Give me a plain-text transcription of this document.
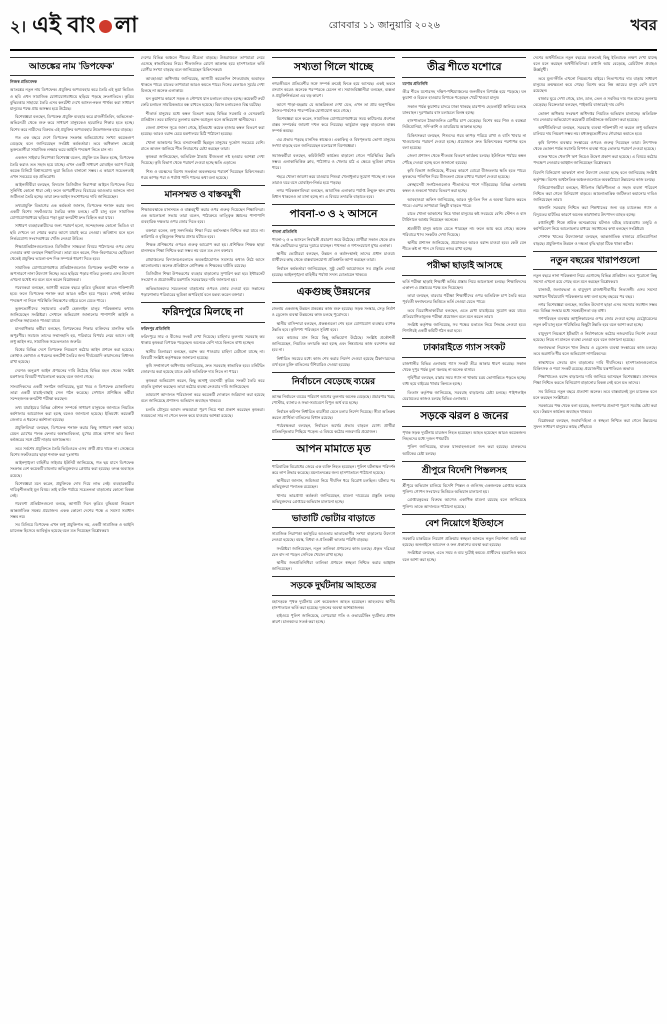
২। এই বাং লা	রোববার ১১ জানুয়ারি ২০২৬	খবর
আতঙ্কের নাম 'ডিপফেক'
নিজস্ব প্রতিবেদক

আতঙ্কের নতুন নাম ডিপফেক। প্রযুক্তির অপব্যবহার করে তৈরি এই ভুয়া ভিডিও ও ছবি এখন সামাজিক যোগাযোগমাধ্যমে ছড়িয়ে পড়ছে দ্রুতগতিতে। কৃত্রিম বুদ্ধিমত্তার সাহায্যে তৈরি এসব কনটেন্ট দেখে আসল-নকল পার্থক্য করা সাধারণ মানুষের পক্ষে প্রায় অসম্ভব হয়ে উঠেছে।

বিশেষজ্ঞরা বলছেন, ডিপফেক প্রযুক্তি ব্যবহার করে রাজনীতিবিদ, অভিনেতা-অভিনেত্রী থেকে শুরু করে সাধারণ মানুষকেও হয়রানির শিকার হতে হচ্ছে। বিশেষ করে নারীদের বিরুদ্ধে এই প্রযুক্তির অপব্যবহার উদ্বেগজনক হারে বাড়ছে।

গত এক বছরে দেশে ডিপফেক সংক্রান্ত অভিযোগের সংখ্যা কয়েকগুণ বেড়েছে বলে জানিয়েছেন সংশ্লিষ্ট কর্মকর্তারা। তবে অধিকাংশ ক্ষেত্রেই ভুক্তভোগীরা সামাজিক লজ্জার ভয়ে আইনি পদক্ষেপ নিতে চান না।

একজন সাইবার নিরাপত্তা বিশেষজ্ঞ বলেন, প্রযুক্তি যত উন্নত হচ্ছে, ডিপফেক তৈরি করাও তত সহজ হয়ে যাচ্ছে। এখন একটি সাধারণ মোবাইল অ্যাপ দিয়েই কয়েক মিনিটে বিশ্বাসযোগ্য ভুয়া ভিডিও বানানো সম্ভব। এ কারণে সচেতনতাই এখন সবচেয়ে বড় প্রতিরোধ।

আইনজীবীরা বলছেন, বিদ্যমান ডিজিটাল নিরাপত্তা আইনে ডিপফেক নিয়ে সুনির্দিষ্ট কোনো ধারা নেই। ফলে অপরাধীদের বিচারের আওতায় আনতে নানা জটিলতা তৈরি হচ্ছে। তারা দ্রুত আইন সংশোধনের দাবি জানিয়েছেন।

তথ্যপ্রযুক্তি বিভাগের এক কর্মকর্তা জানান, ডিপফেক শনাক্ত করার জন্য একটি বিশেষ সফটওয়্যার তৈরির কাজ চলছে। এটি চালু হলে সামাজিক যোগাযোগমাধ্যমে ছড়িয়ে পড়া ভুয়া কনটেন্ট দ্রুত চিহ্নিত করা যাবে।

সাধারণ ব্যবহারকারীদের জন্য পরামর্শ হলো, সন্দেহজনক কোনো ভিডিও বা ছবি দেখলে তা শেয়ার করার আগে যাচাই করে নেওয়া। অবিশ্বাস্য মনে হলে নির্ভরযোগ্য সংবাদমাধ্যমে খোঁজ নেওয়া উচিত।

শিক্ষাপ্রতিষ্ঠানগুলোতেও ডিজিটাল সাক্ষরতা বিষয়ে পাঠদানের ওপর জোর দেওয়ার কথা বলছেন শিক্ষাবিদরা। তারা মনে করেন, শিশু-কিশোরদের ছোটবেলা থেকেই প্রযুক্তির ভালো-মন্দ দিক সম্পর্কে ধারণা দিতে হবে।

সামাজিক যোগাযোগমাধ্যম প্রতিষ্ঠানগুলোও ডিপফেক কনটেন্ট শনাক্ত ও অপসারণে নানা উদ্যোগ নিচ্ছে। তবে ছড়িয়ে পড়ার গতির তুলনায় এসব উদ্যোগ এখনো যথেষ্ট নয় বলে মনে করেন বিশ্লেষকরা।

গবেষকরা বলছেন, আগামী কয়েক বছরে কৃত্রিম বুদ্ধিমত্তা আরও শক্তিশালী হবে। ফলে ডিপফেক শনাক্ত করা আরও কঠিন হয়ে পড়বে। এখনই কার্যকর পদক্ষেপ না নিলে পরিস্থিতি নিয়ন্ত্রণের বাইরে চলে যেতে পারে।

ভুক্তভোগীদের সহায়তায় একটি হেল্পলাইন চালুর পরিকল্পনার কথাও জানিয়েছেন সংশ্লিষ্টরা। সেখানে অভিযোগ জানানোর পাশাপাশি আইনি ও মানসিক সহায়তাও পাওয়া যাবে।

মানবাধিকার কর্মীরা বলছেন, ডিপফেকের শিকার ব্যক্তিদের মানসিক ক্ষতি অপূরণীয়। সমাজে তাদের সম্মানহানি হয়, পরিবারে বিপর্যয় নেমে আসে। তাই শুধু আইন নয়, সামাজিক সচেতনতাও জরুরি।

বিশ্বের বিভিন্ন দেশে ডিপফেক নিয়ন্ত্রণে কঠোর আইন প্রণয়ন করা হয়েছে। কোথাও কোথাও এ ধরনের কনটেন্ট তৈরির জন্য দীর্ঘমেয়াদি কারাদণ্ডের বিধানও রাখা হয়েছে।

দেশেও অনুরূপ আইন প্রণয়নের দাবি উঠেছে বিভিন্ন মহল থেকে। সংশ্লিষ্ট মন্ত্রণালয় বিষয়টি পর্যালোচনা করছে বলে জানা গেছে।

সাংবাদিকদের একটি সংগঠন জানিয়েছে, ভুয়া খবর ও ডিপফেক মোকাবিলায় তারা একটি যাচাই-বাছাই সেল গঠন করেছে। সেখানে প্রশিক্ষিত কর্মীরা সন্দেহজনক কনটেন্ট পরীক্ষা করছেন।

তথ্য যাচাইয়ের বিভিন্ন কৌশল সম্পর্কে সাধারণ মানুষকে জানাতে নিয়মিত কর্মশালার আয়োজন করা হচ্ছে বলেও জানানো হয়েছে। ইতিমধ্যে কয়েকটি জেলায় এ ধরনের কর্মশালা হয়েছে।

প্রযুক্তিবিদরা বলছেন, ডিপফেক শনাক্ত করার কিছু সাধারণ লক্ষণ আছে। যেমন চোখের পলক ফেলার অস্বাভাবিকতা, মুখের প্রান্তে ঝাপসা ভাব কিংবা কণ্ঠস্বরের সঙ্গে ঠোঁট নাড়ার অসামঞ্জস্য।

তবে সর্বশেষ প্রযুক্তিতে তৈরি ভিডিওতে এসব ত্রুটি প্রায় থাকে না। সেক্ষেত্রে বিশেষ সফটওয়্যার ছাড়া শনাক্ত করা দুঃসাধ্য।

আইনশৃঙ্খলা বাহিনীর সাইবার ইউনিট জানিয়েছে, গত ছয় মাসে ডিপফেক সংক্রান্ত বেশ কয়েকটি মামলায় অভিযুক্তদের গ্রেপ্তার করা হয়েছে। তদন্ত অব্যাহত রয়েছে।

বিশেষজ্ঞরা মনে করেন, প্রযুক্তিকে দোষ দিয়ে লাভ নেই। ব্যবহারকারীর দায়িত্বশীলতাই মূল বিষয়। তাই ব্যক্তি পর্যায়ে সচেতনতা বাড়ানোর কোনো বিকল্প নেই।

গবেষণা প্রতিষ্ঠানগুলো বলছে, আগামী দিনে কৃত্রিম বুদ্ধিমত্তা নিয়ন্ত্রণে আন্তর্জাতিক সমন্বয় প্রয়োজন। একক কোনো দেশের পক্ষে এ সমস্যা সমাধান সম্ভব নয়।

সব মিলিয়ে ডিপফেক এখন শুধু প্রযুক্তিগত নয়, একটি সামাজিক ও আইনি চ্যালেঞ্জ হিসেবে আবির্ভূত হয়েছে বলে মত দিয়েছেন বিশ্লেষকরা।

দেশের বিভিন্ন অঞ্চলে শীতের তীব্রতা বাড়ছে। উত্তরাঞ্চলে তাপমাত্রা নেমে এসেছে স্বাভাবিকের নিচে। শীতজনিত রোগে আক্রান্ত হয়ে হাসপাতালে ভর্তি রোগীর সংখ্যা বাড়ছে বলে জানিয়েছেন চিকিৎসকরা।

আবহাওয়া অধিদপ্তর জানিয়েছে, আগামী কয়েকদিন শৈত্যপ্রবাহ অব্যাহত থাকতে পারে। রাতের তাপমাত্রা আরও কমতে পারে। দিনের বেলায়ও সূর্যের দেখা মিলছে না অনেক এলাকায়।

ঘন কুয়াশার কারণে সড়ক ও নৌপথে যান চলাচল ব্যাহত হচ্ছে। কয়েকটি রুটে ফেরি চলাচল সাময়িকভাবে বন্ধ রাখতে হয়েছে। বিমান চলাচলেও বিঘ্ন ঘটেছে।

শীতার্ত মানুষের মধ্যে কম্বল বিতরণ করছে বিভিন্ন সরকারি ও বেসরকারি প্রতিষ্ঠান। তবে চাহিদার তুলনায় বরাদ্দ অপ্রতুল বলে অভিযোগ স্থানীয়দের।

জেলা প্রশাসন সূত্রে জানা গেছে, ইতিমধ্যে কয়েক হাজার কম্বল বিতরণ করা হয়েছে। আরও বরাদ্দ চেয়ে মন্ত্রণালয়ে চিঠি পাঠানো হয়েছে।

খোলা আকাশের নিচে বসবাসকারী ছিন্নমূল মানুষের দুর্ভোগ সবচেয়ে বেশি। রাতে আগুন জ্বালিয়ে শীত নিবারণের চেষ্টা করছেন তারা।

কৃষকরা জানিয়েছেন, অতিরিক্ত ঠান্ডায় বীজতলা নষ্ট হওয়ার আশঙ্কা দেখা দিয়েছে। কৃষি বিভাগ থেকে পরামর্শ দেওয়া হচ্ছে ক্ষতি এড়াতে।

শিশু ও বয়স্কদের বিশেষ সতর্কতা অবলম্বনের পরামর্শ দিয়েছেন চিকিৎসকরা। গরম কাপড় পরা ও পর্যাপ্ত পানি পানের কথা বলা হয়েছে।

মানসম্মত ও বাস্তবমুখী

শিক্ষাব্যবস্থাকে মানসম্মত ও বাস্তবমুখী করার ওপর গুরুত্ব দিয়েছেন শিক্ষাবিদরা। এক আলোচনা সভায় তারা বলেন, পাঠ্যক্রমে তাত্ত্বিক জ্ঞানের পাশাপাশি ব্যবহারিক দক্ষতার ওপর জোর দিতে হবে।

বক্তারা বলেন, শুধু সনদনির্ভর শিক্ষা দিয়ে কর্মসংস্থান নিশ্চিত করা যাবে না। কারিগরি ও বৃত্তিমূলক শিক্ষার প্রসার ঘটাতে হবে।

শিক্ষক প্রশিক্ষণের ওপরও গুরুত্ব আরোপ করা হয়। প্রশিক্ষিত শিক্ষক ছাড়া মানসম্মত শিক্ষা নিশ্চিত করা সম্ভব নয় বলে মত দেন বক্তারা।

গ্রামাঞ্চলের বিদ্যালয়গুলোতে অবকাঠামোগত সমস্যার কথাও উঠে আসে আলোচনায়। অনেক প্রতিষ্ঠানে শ্রেণিকক্ষ ও শিক্ষকের ঘাটতি রয়েছে।

ডিজিটাল শিক্ষা উপকরণের ব্যবহার বাড়ানোর সুপারিশ করা হয়। ইন্টারনেট সংযোগ ও প্রয়োজনীয় যন্ত্রপাতি সরবরাহের দাবি জানানো হয়।

অভিভাবকদের সচেতনতা বাড়ানোর ওপরও জোর দেওয়া হয়। সন্তানের পড়াশোনায় পরিবারের ভূমিকা অপরিহার্য বলে মন্তব্য করেন বক্তারা।

ফরিদপুরে মিলছে না
ফরিদপুর প্রতিনিধি

ফরিদপুরে সার ও বীজের সংকট দেখা দিয়েছে। চাহিদার তুলনায় সরবরাহ কম থাকায় কৃষকরা বিপাকে পড়েছেন। অনেকে বেশি দামে কিনতে বাধ্য হচ্ছেন।

স্থানীয় ডিলাররা বলছেন, বরাদ্দ কম পাওয়ায় চাহিদা মেটানো যাচ্ছে না। বিষয়টি সংশ্লিষ্ট কর্তৃপক্ষকে জানানো হয়েছে।

কৃষি সম্প্রসারণ অধিদপ্তর জানিয়েছে, দ্রুত সরবরাহ স্বাভাবিক হবে। মনিটরিং জোরদার করা হয়েছে যাতে কেউ অতিরিক্ত দাম নিতে না পারে।

কৃষকরা অভিযোগ করেন, কিছু অসাধু ব্যবসায়ী কৃত্রিম সংকট তৈরি করে বাড়তি মুনাফা করছেন। তারা কঠোর ব্যবস্থা নেওয়ার দাবি জানিয়েছেন।

ভ্রাম্যমাণ আদালত পরিচালনা করে কয়েকটি দোকানে জরিমানা করা হয়েছে বলে জানিয়েছে প্রশাসন। অভিযান অব্যাহত থাকবে।

চলতি মৌসুমে আবাদ লক্ষ্যমাত্রা পূরণ নিয়ে শঙ্কা প্রকাশ করেছেন কৃষকরা। সময়মতো সার না পেলে ফলন কমে যাওয়ার আশঙ্কা রয়েছে।

সখ্যতা গিলে খাচ্ছে

নগরজীবনে প্রতিবেশীর সঙ্গে সম্পর্ক ক্রমেই ফিকে হয়ে আসছে। একই ভবনে বসবাস করেও অনেকে পরস্পরকে চেনেন না। সমাজবিজ্ঞানীরা বলছেন, ব্যস্ততা ও প্রযুক্তিনির্ভরতা এর বড় কারণ।

আগে পাড়া-মহল্লায় যে আন্তরিকতা দেখা যেত, এখন তা প্রায় অনুপস্থিত। উৎসব-পার্বণেও পারস্পরিক যোগাযোগ কমে গেছে।

বিশেষজ্ঞরা মনে করেন, সামাজিক যোগাযোগমাধ্যমে সময় কাটানোর প্রবণতা বাস্তব সম্পর্কের জায়গা দখল করে নিয়েছে। ভার্চুয়াল বন্ধুত্ব বাড়লেও বাস্তব সম্পর্ক কমছে।

এর প্রভাব পড়ছে মানসিক স্বাস্থ্যেও। একাকিত্ব ও বিষণ্নতায় ভোগা মানুষের সংখ্যা বাড়ছে বলে জানিয়েছেন মনোরোগ বিশেষজ্ঞরা।

সমাজকর্মীরা বলছেন, কমিউনিটি কার্যক্রম বাড়ানো গেলে পরিস্থিতির উন্নতি সম্ভব। এলাকাভিত্তিক ক্লাব, পাঠাগার ও খেলার মাঠ এ ক্ষেত্রে ভূমিকা রাখতে পারে।

শহরে খোলা জায়গা কমে যাওয়ায় শিশুরা খেলাধুলার সুযোগ পাচ্ছে না। ফলে তারাও ঘরে বসে মোবাইল-নির্ভর হয়ে পড়ছে।

নগর পরিকল্পনাবিদরা বলছেন, আবাসিক এলাকায় পর্যাপ্ত উন্মুক্ত স্থান রাখার বিধান থাকলেও তা মানা হচ্ছে না। এ বিষয়ে তদারকি বাড়াতে হবে।

পাবনা-৩ ও ২ আসনে
পাবনা প্রতিনিধি

পাবনা-২ ও ৩ আসনে নির্বাচনী প্রচারণা জমে উঠেছে। প্রার্থীরা সকাল থেকে রাত পর্যন্ত ভোটারদের দুয়ারে দুয়ারে যাচ্ছেন। পথসভা ও গণসংযোগে মুখর এলাকা।

স্থানীয় ভোটাররা বলছেন, উন্নয়ন ও কর্মসংস্থানই তাদের প্রধান চাওয়া। প্রার্থীদের কাছ থেকে বাস্তবায়নযোগ্য প্রতিশ্রুতি আশা করছেন তারা।

নির্বাচন কর্মকর্তারা জানিয়েছেন, সুষ্ঠু ভোট আয়োজনে সব প্রস্তুতি নেওয়া হয়েছে। আইনশৃঙ্খলা বাহিনীর পর্যাপ্ত সদস্য মোতায়েন থাকবে।

একগুচ্ছ উন্নয়নের

জেলায় একগুচ্ছ উন্নয়ন প্রকল্পের কাজ শুরু হয়েছে। সড়ক সংস্কার, সেতু নির্মাণ ও ড্রেনেজ ব্যবস্থা উন্নয়নের কাজ চলছে পুরোদমে।

স্থানীয় বাসিন্দারা বলছেন, প্রকল্পগুলো শেষ হলে যোগাযোগ ব্যবস্থার ব্যাপক উন্নতি হবে। কৃষিপণ্য পরিবহনে সুবিধা হবে।

তবে কাজের মান নিয়ে কিছু অভিযোগ উঠেছে। সংশ্লিষ্ট প্রকৌশলী জানিয়েছেন, নিয়মিত তদারকি করা হচ্ছে এবং নিম্নমানের কাজ বরদাশত করা হবে না।

নির্ধারিত সময়ের মধ্যে কাজ শেষ করার নির্দেশ দেওয়া হয়েছে ঠিকাদারদের। ব্যর্থ হলে চুক্তি বাতিলের হুঁশিয়ারিও দেওয়া হয়েছে।

নির্বাচনে বেড়েছে ব্যয়ের

আসন্ন নির্বাচনে ব্যয়ের পরিমাণ আগের তুলনায় অনেক বেড়েছে। প্রচারণার খরচ, পোস্টার, ব্যানার ও সভা-সমাবেশে বিপুল অর্থ ব্যয় হচ্ছে।

নির্বাচন কমিশন নির্ধারিত ব্যয়সীমা মেনে চলার নির্দেশ দিয়েছে। সীমা অতিক্রম করলে প্রার্থিতা বাতিলের বিধান রয়েছে।

পর্যবেক্ষকরা বলছেন, নির্বাচনে অর্থের প্রভাব বাড়লে যোগ্য প্রার্থীরা প্রতিদ্বন্দ্বিতায় পিছিয়ে পড়েন। এ বিষয়ে কঠোর নজরদারি প্রয়োজন।

আপন মামাতে মৃত

পারিবারিক বিরোধের জেরে এক ব্যক্তি নিহত হয়েছেন। পুলিশ ঘটনাস্থল পরিদর্শন করে লাশ উদ্ধার করেছে। ময়নাতদন্তের জন্য হাসপাতালে পাঠানো হয়েছে।

স্থানীয়রা জানান, জমিজমা নিয়ে দীর্ঘদিন ধরে বিরোধ চলছিল। ঘটনার পর অভিযুক্তরা পলাতক রয়েছেন।

থানার ভারপ্রাপ্ত কর্মকর্তা জানিয়েছেন, মামলা দায়েরের প্রস্তুতি চলছে। অভিযুক্তদের গ্রেপ্তারে অভিযান চালানো হচ্ছে।

ভাতাটি ভোটার বাড়াতে

সামাজিক নিরাপত্তা কর্মসূচির আওতায় ভাতাভোগীর সংখ্যা বাড়ানোর উদ্যোগ নেওয়া হয়েছে। বয়স্ক, বিধবা ও প্রতিবন্ধী ভাতার পরিধি বাড়ছে।

সংশ্লিষ্টরা জানিয়েছেন, নতুন তালিকা প্রণয়নের কাজ চলছে। প্রকৃত দরিদ্ররা যেন বাদ না পড়েন সেদিকে খেয়াল রাখা হচ্ছে।

স্থানীয় জনপ্রতিনিধিরা তালিকা প্রণয়নে স্বচ্ছতা নিশ্চিত করার আহ্বান জানিয়েছেন।

সড়কে দুর্ঘটনায় আহতের

মহাসড়কে পৃথক দুর্ঘটনায় বেশ কয়েকজন আহত হয়েছেন। আহতদের স্থানীয় হাসপাতালে ভর্তি করা হয়েছে। দুজনের অবস্থা আশঙ্কাজনক।

হাইওয়ে পুলিশ জানিয়েছে, বেপরোয়া গতি ও ওভারটেকিং দুর্ঘটনার প্রধান কারণ। চালকদের সতর্ক করা হচ্ছে।

তীব্র শীতে যশোরে
যশোর প্রতিনিধি

তীব্র শীতে যশোরসহ দক্ষিণ-পশ্চিমাঞ্চলের জনজীবন বিপর্যস্ত হয়ে পড়েছে। ঘন কুয়াশা ও হিমেল হাওয়ায় বিপাকে পড়েছেন খেটে খাওয়া মানুষ।

সকাল পর্যন্ত কুয়াশার চাদরে ঢাকা থাকছে চারপাশ। হেডলাইট জ্বালিয়ে চলছে যানবাহন। দূরপাল্লার বাস চলাচলে বিলম্ব হচ্ছে।

হাসপাতালে ঠান্ডাজনিত রোগীর চাপ বেড়েছে। বিশেষ করে শিশু ও বয়স্করা নিউমোনিয়া, সর্দি-কাশি ও ডায়রিয়ায় আক্রান্ত হচ্ছে।

চিকিৎসকরা বলছেন, শিশুদের গরম কাপড় পরিয়ে রাখা ও বাসি খাবার না খাওয়ানোর পরামর্শ দেওয়া হচ্ছে। প্রয়োজনে দ্রুত চিকিৎসকের শরণাপন্ন হতে বলা হয়েছে।

জেলা প্রশাসন থেকে শীতবস্ত্র বিতরণ কার্যক্রম চলছে। ইউনিয়ন পর্যায়ে কম্বল পৌঁছে দেওয়া হচ্ছে বলে জানানো হয়েছে।

কৃষি বিভাগ জানিয়েছে, শীতের কারণে বোরো বীজতলার ক্ষতি হতে পারে। কৃষকদের পলিথিন দিয়ে বীজতলা ঢেকে রাখার পরামর্শ দেওয়া হয়েছে।

স্বেচ্ছাসেবী সংগঠনগুলোও শীতার্তদের পাশে দাঁড়িয়েছে। বিভিন্ন এলাকায় কম্বল ও শুকনো খাবার বিতরণ করা হচ্ছে।

আবহাওয়া অফিস জানিয়েছে, আরও দুই-তিন দিন এ অবস্থা বিরাজ করতে পারে। এরপর তাপমাত্রা কিছুটা বাড়তে পারে।

রাতে খোলা আকাশের নিচে থাকা মানুষের কষ্ট সবচেয়ে বেশি। স্টেশন ও বাস টার্মিনালে আশ্রয় নিয়েছেন অনেকে।

শ্রমজীবী মানুষ কাজে যেতে পারছেন না। ফলে আয় কমে গেছে। অনেক পরিবারে খাদ্য সংকটও দেখা দিয়েছে।

স্থানীয় প্রশাসন জানিয়েছে, প্রয়োজনে আরও বরাদ্দ চাওয়া হবে। কেউ যেন শীতে কষ্ট না পান সে বিষয়ে নজর রাখা হচ্ছে।

পরীক্ষা ছাড়াই আসছে

ভর্তি পরীক্ষা ছাড়াই শিক্ষার্থী ভর্তির প্রস্তাব নিয়ে আলোচনা চলছে। শিক্ষাবিদদের একাংশ এ প্রস্তাবের পক্ষে মত দিয়েছেন।

তারা বলছেন, বারবার পরীক্ষা শিক্ষার্থীদের ওপর অতিরিক্ত চাপ তৈরি করে। পূর্ববর্তী ফলাফলের ভিত্তিতে ভর্তি নেওয়া যেতে পারে।

তবে বিরোধিতাকারীরা বলছেন, এতে মেধা যাচাইয়ের সুযোগ কমে যাবে। প্রতিযোগিতামূলক পরীক্ষা প্রয়োজন বলে মনে করেন তারা।

সংশ্লিষ্ট কর্তৃপক্ষ জানিয়েছে, সব পক্ষের মতামত নিয়ে সিদ্ধান্ত নেওয়া হবে। শিগগিরই একটি কমিটি গঠন করা হবে।

ঢাকারাইতে গ্যাস সংকট

রাজধানীর বিভিন্ন এলাকায় গ্যাস সংকট তীব্র আকার ধারণ করেছে। সকাল থেকে দুপুর পর্যন্ত চুলা জ্বলছে না অনেক বাসায়।

গৃহিণীরা বলছেন, রান্নার সময় গ্যাস না থাকায় চরম ভোগান্তিতে পড়তে হচ্ছে। বাধ্য হয়ে বাইরের খাবার কিনতে হচ্ছে।

তিতাস কর্তৃপক্ষ জানিয়েছে, সরবরাহ বাড়ানোর চেষ্টা চলছে। পাইপলাইন মেরামতের কাজও চলছে বিভিন্ন এলাকায়।

সড়কে ঝরল ৪ জনের

পৃথক সড়ক দুর্ঘটনায় চারজন নিহত হয়েছেন। আহত হয়েছেন আরও কয়েকজন। নিহতদের মধ্যে দুজন পথচারী।

পুলিশ জানিয়েছে, ঘাতক যানবাহনগুলো জব্দ করা হয়েছে। চালকদের আটকের চেষ্টা চলছে।

শ্রীপুরে বিদেশি পিস্তলসহ

শ্রীপুরে অভিযান চালিয়ে বিদেশি পিস্তল ও গুলিসহ একজনকে গ্রেপ্তার করেছে পুলিশ। গোপন সংবাদের ভিত্তিতে অভিযান চালানো হয়।

গ্রেপ্তারকৃতের বিরুদ্ধে আগেও একাধিক মামলা রয়েছে বলে জানিয়েছে পুলিশ। তাকে আদালতে পাঠানো হয়েছে।

বেশ নিয়োগে ইতিহাসে

সরকারি চাকরিতে নিয়োগ প্রক্রিয়ায় স্বচ্ছতা আনতে নতুন নির্দেশনা জারি করা হয়েছে। অনলাইনে আবেদন ও ফল প্রকাশের ব্যবস্থা করা হয়েছে।

সংশ্লিষ্টরা বলছেন, এতে সময় ও ব্যয় দুটোই কমবে। প্রার্থীদের হয়রানিও কমবে বলে আশা করা হচ্ছে।

দেশের অর্থনীতিতে নতুন বছরের শুরুতেই কিছু ইতিবাচক লক্ষণ দেখা যাচ্ছে বলে মনে করছেন অর্থনীতিবিদরা। রপ্তানি আয় বেড়েছে, রেমিট্যান্স প্রবাহও ঊর্ধ্বমুখী।

তবে মূল্যস্ফীতি এখনো নিয়ন্ত্রণের বাইরে। নিত্যপণ্যের দাম বাড়ায় সাধারণ মানুষের ক্রয়ক্ষমতা কমে গেছে। বিশেষ করে নিম্ন আয়ের মানুষ বেশি চাপে রয়েছেন।

বাজার ঘুরে দেখা গেছে, চাল, ডাল, তেল ও সবজির দাম গত মাসের তুলনায় বেড়েছে। বিক্রেতারা বলছেন, পাইকারি বাজারেই দাম বেশি।

ভোক্তা অধিকার সংরক্ষণ অধিদপ্তর নিয়মিত অভিযান চালাচ্ছে। অতিরিক্ত দাম নেওয়ার অভিযোগে কয়েকটি প্রতিষ্ঠানকে জরিমানা করা হয়েছে।

অর্থনীতিবিদরা বলছেন, সরবরাহ ব্যবস্থা শক্তিশালী না করলে শুধু অভিযান চালিয়ে দাম নিয়ন্ত্রণ সম্ভব নয়। মধ্যস্বত্বভোগীদের দৌরাত্ম্য কমাতে হবে।

কৃষি বিপণন ব্যবস্থার সংস্কারের ওপরও গুরুত্ব দিয়েছেন তারা। উৎপাদক থেকে ভোক্তা পর্যন্ত সরাসরি বিপণন ব্যবস্থা গড়ে তোলার পরামর্শ দেওয়া হয়েছে।

ব্যাংক খাতে খেলাপি ঋণ নিয়েও উদ্বেগ প্রকাশ করা হয়েছে। এ বিষয়ে কঠোর পদক্ষেপ নেওয়ার আহ্বান জানিয়েছেন বিশ্লেষকরা।

বিদেশি বিনিয়োগ আকর্ষণে নানা উদ্যোগ নেওয়া হচ্ছে বলে জানিয়েছে সংশ্লিষ্ট কর্তৃপক্ষ। বিশেষ অর্থনৈতিক অঞ্চলগুলোতে অবকাঠামো উন্নয়নের কাজ চলছে।

বিনিয়োগকারীরা বলছেন, নীতিগত স্থিতিশীলতা ও সহজ ব্যবসা পরিবেশ নিশ্চিত করা গেলে বিনিয়োগ বাড়বে। আমলাতান্ত্রিক জটিলতা কমানোর দাবিও জানিয়েছেন তারা।

জ্বালানি সরবরাহ নিশ্চিত করা শিল্পখাতের জন্য বড় চ্যালেঞ্জ। গ্যাস ও বিদ্যুতের ঘাটতির কারণে অনেক কারখানায় উৎপাদন ব্যাহত হচ্ছে।

রপ্তানিমুখী শিল্পে শ্রমিক অসন্তোষের ঘটনাও ঘটছে মাঝেমধ্যে। মজুরি ও কর্মপরিবেশ নিয়ে আলোচনার মাধ্যমে সমাধানের কথা বলছেন সংশ্লিষ্টরা।

পোশাক খাতের উদ্যোক্তারা বলছেন, আন্তর্জাতিক বাজারে প্রতিযোগিতা বাড়ছে। প্রযুক্তিগত উন্নয়ন ও দক্ষতা বৃদ্ধি ছাড়া টিকে থাকা কঠিন।

নতুন বছরের খারাপগুলো

নতুন বছরে নানা পরিকল্পনা নিয়ে এগোচ্ছে বিভিন্ন প্রতিষ্ঠান। তবে পুরোনো কিছু সমস্যা এখনো রয়ে গেছে বলে মনে করছেন বিশ্লেষকরা।

যানজট, জলাবদ্ধতা ও বায়ুদূষণ রাজধানীবাসীর নিত্যসঙ্গী। এসব সমস্যা সমাধানে দীর্ঘমেয়াদি পরিকল্পনার কথা বলা হচ্ছে বছরের পর বছর।

নগর বিশেষজ্ঞরা বলছেন, সমন্বিত উদ্যোগ ছাড়া এসব সমস্যার সমাধান সম্ভব নয়। বিভিন্ন সংস্থার মধ্যে সমন্বয়হীনতা বড় বাধা।

গণপরিবহন ব্যবস্থার আধুনিকায়নের ওপর জোর দেওয়া হচ্ছে। মেট্রোরেলের নতুন রুট চালু হলে পরিস্থিতির কিছুটা উন্নতি হবে বলে আশা করা হচ্ছে।

বায়ুদূষণ নিয়ন্ত্রণে ইটভাটা ও নির্মাণকাজে কঠোর নজরদারির নির্দেশ দেওয়া হয়েছে। নিয়ম না মানলে ব্যবস্থা নেওয়া হবে বলে জানানো হয়েছে।

জলাবদ্ধতা নিরসনে খাল উদ্ধার ও ড্রেনেজ ব্যবস্থা সংস্কারের কাজ চলছে। তবে অগ্রগতি ধীর বলে অভিযোগ নাগরিকদের।

স্বাস্থ্যখাতে সেবার মান বাড়ানোর দাবি দীর্ঘদিনের। হাসপাতালগুলোতে চিকিৎসক ও শয্যা সংকট রয়েছে। প্রয়োজনীয় যন্ত্রপাতিরও অভাব।

শিক্ষাখাতেও বরাদ্দ বাড়ানোর দাবি জানিয়ে আসছেন বিশেষজ্ঞরা। মানসম্মত শিক্ষা নিশ্চিত করতে বিনিয়োগ বাড়ানোর বিকল্প নেই বলে মত তাদের।

সব মিলিয়ে নতুন বছরে প্রত্যাশা অনেক। তবে বাস্তবায়নই মূল চ্যালেঞ্জ বলে মনে করছেন সংশ্লিষ্টরা।

সরকারের পক্ষ থেকে বলা হয়েছে, জনগণের প্রত্যাশা পূরণে সর্বোচ্চ চেষ্টা করা হবে। উন্নয়ন কার্যক্রম অব্যাহত থাকবে।

বিশ্লেষকরা বলছেন, জবাবদিহিতা ও স্বচ্ছতা নিশ্চিত করা গেলে উন্নয়নের সুফল সাধারণ মানুষের কাছে পৌঁছাবে।
